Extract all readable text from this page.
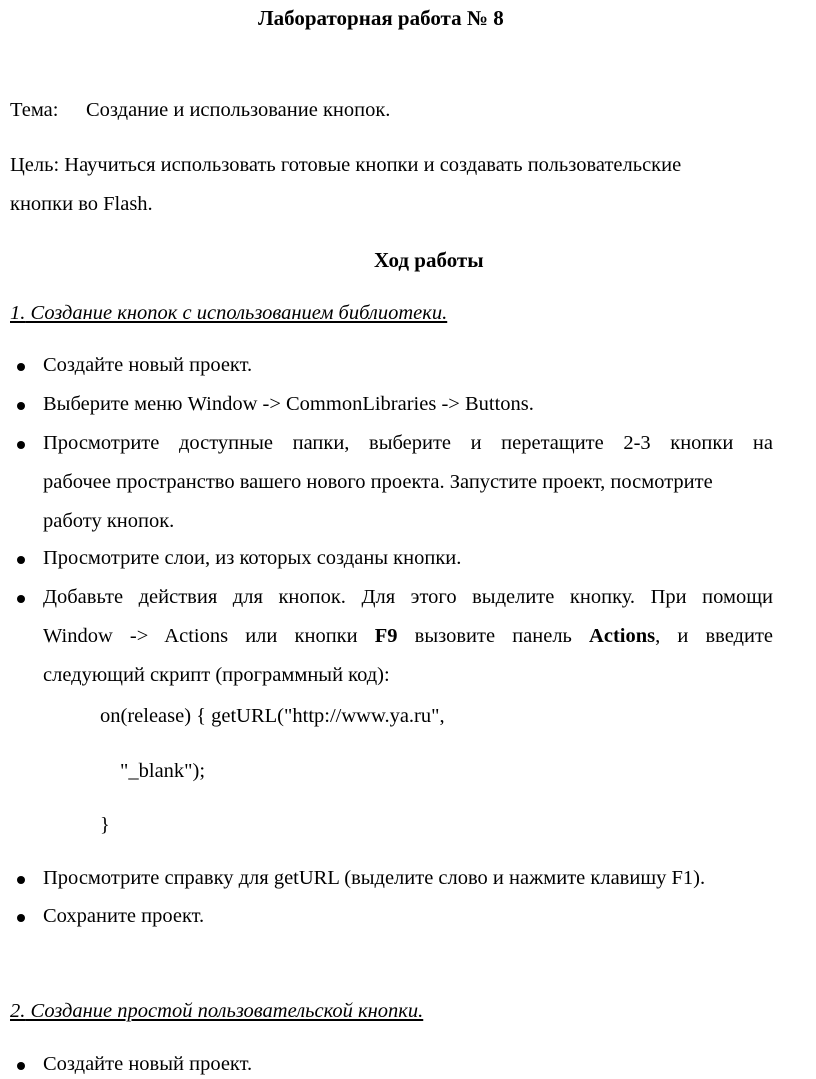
Лабораторная работа № 8
Тема: Создание и использование кнопок.
Цель: Научиться использовать готовые кнопки и создавать пользовательские
кнопки во Flash.
Ход работы
1. Создание кнопок с использованием библиотеки.
Создайте новый проект.
Выберите меню Window -> CommonLibraries -> Buttons.
Просмотрите доступные папки, выберите и перетащите 2-3 кнопки на
рабочее пространство вашего нового проекта. Запустите проект, посмотрите
работу кнопок.
Просмотрите слои, из которых созданы кнопки.
Добавьте действия для кнопок. Для этого выделите кнопку. При помощи
Window -> Actions или кнопки F9 вызовите панель Actions, и введите
следующий скрипт (программный код):
on(release) { getURL("http://www.ya.ru",
"_blank");
}
Просмотрите справку для getURL (выделите слово и нажмите клавишу F1).
Сохраните проект.
2. Создание простой пользовательской кнопки.
Создайте новый проект.
